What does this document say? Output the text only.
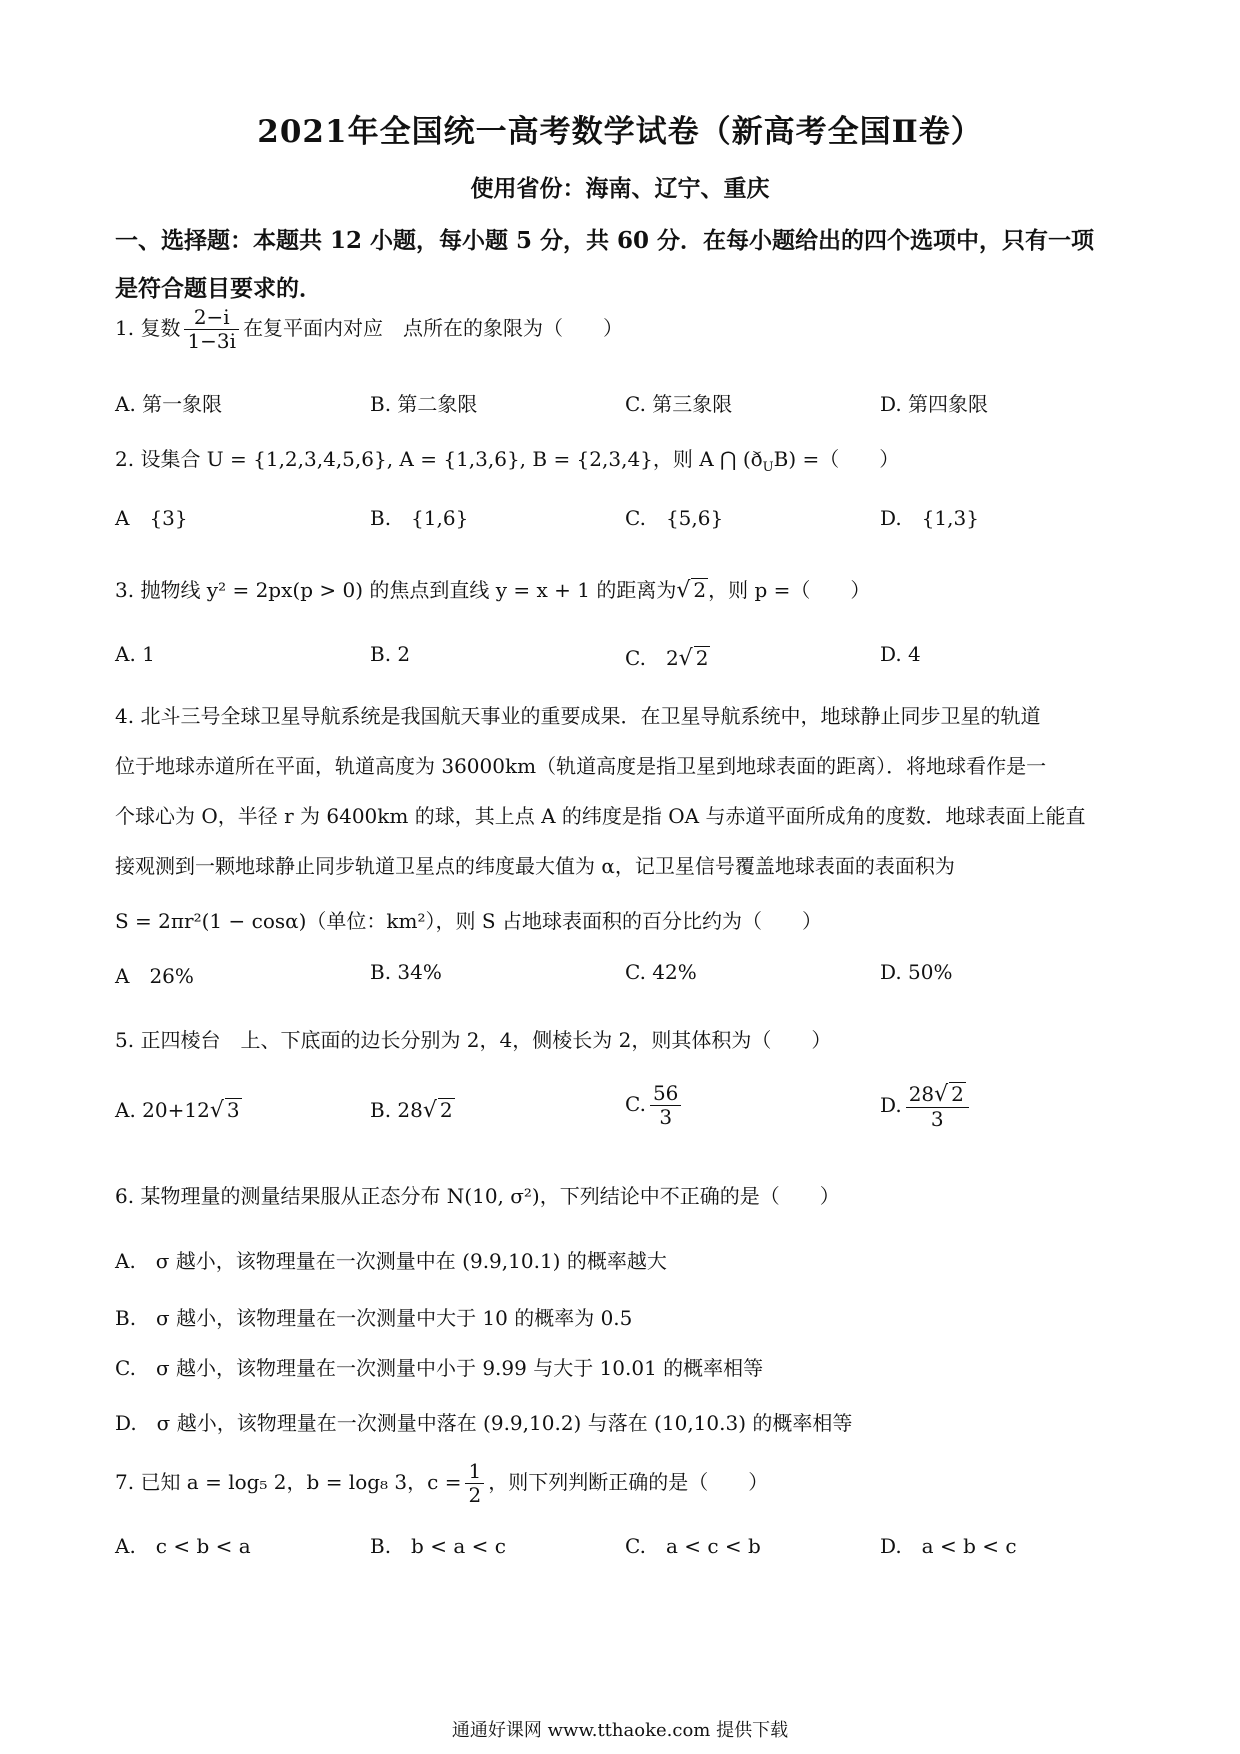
2021年全国统一高考数学试卷（新高考全国Ⅱ卷）
使用省份：海南、辽宁、重庆
一、选择题：本题共 12 小题，每小题 5 分，共 60 分．在每小题给出的四个选项中，只有一项
是符合题目要求的．
1. 复数 $\frac{2-i}{1-3i}$ 在复平面内对应　点所在的象限为（　　）
A. 第一象限	B. 第二象限	C. 第三象限	D. 第四象限
2. 设集合 U = {1,2,3,4,5,6}, A = {1,3,6}, B = {2,3,4}，则 A ⋂ $(ð_UB)$ =（　　）
A　{3}	B.　{1,6}	C.　{5,6}	D.　{1,3}
3. 抛物线 y² = 2px(p > 0) 的焦点到直线 y = x + 1 的距离为√ 2 ，则 p =（　　）
A. 1	B. 2	C.　2√ 2	D. 4
4. 北斗三号全球卫星导航系统是我国航天事业的重要成果．在卫星导航系统中，地球静止同步卫星的轨道
位于地球赤道所在平面，轨道高度为 36000km（轨道高度是指卫星到地球表面的距离）．将地球看作是一
个球心为 O，半径 r 为 6400km 的球，其上点 A 的纬度是指 OA 与赤道平面所成角的度数．地球表面上能直
接观测到一颗地球静止同步轨道卫星点的纬度最大值为 α，记卫星信号覆盖地球表面的表面积为
S = 2πr²(1 − cosα)（单位：km²），则 S 占地球表面积的百分比约为（　　）
A　26%	B. 34%	C. 42%	D. 50%
5. 正四棱台　上、下底面的边长分别为 2，4，侧棱长为 2，则其体积为（　　）
A. 20+12√ 3	B. 28√ 2	C. $\frac{56}{3}$	D. $\frac{28√ 2}{3}$
6. 某物理量的测量结果服从正态分布 N(10, σ²)，下列结论中不正确的是（　　）
A.　σ 越小，该物理量在一次测量中在 (9.9,10.1) 的概率越大
B.　σ 越小，该物理量在一次测量中大于 10 的概率为 0.5
C.　σ 越小，该物理量在一次测量中小于 9.99 与大于 10.01 的概率相等
D.　σ 越小，该物理量在一次测量中落在 (9.9,10.2) 与落在 (10,10.3) 的概率相等
7. 已知 a = log₅ 2，b = log₈ 3，$c = \frac{1}{2}$ ，则下列判断正确的是（　　）
A.　c < b < a	B.　b < a < c	C.　a < c < b	D.　a < b < c
通通好课网 www.tthaoke.com 提供下载
